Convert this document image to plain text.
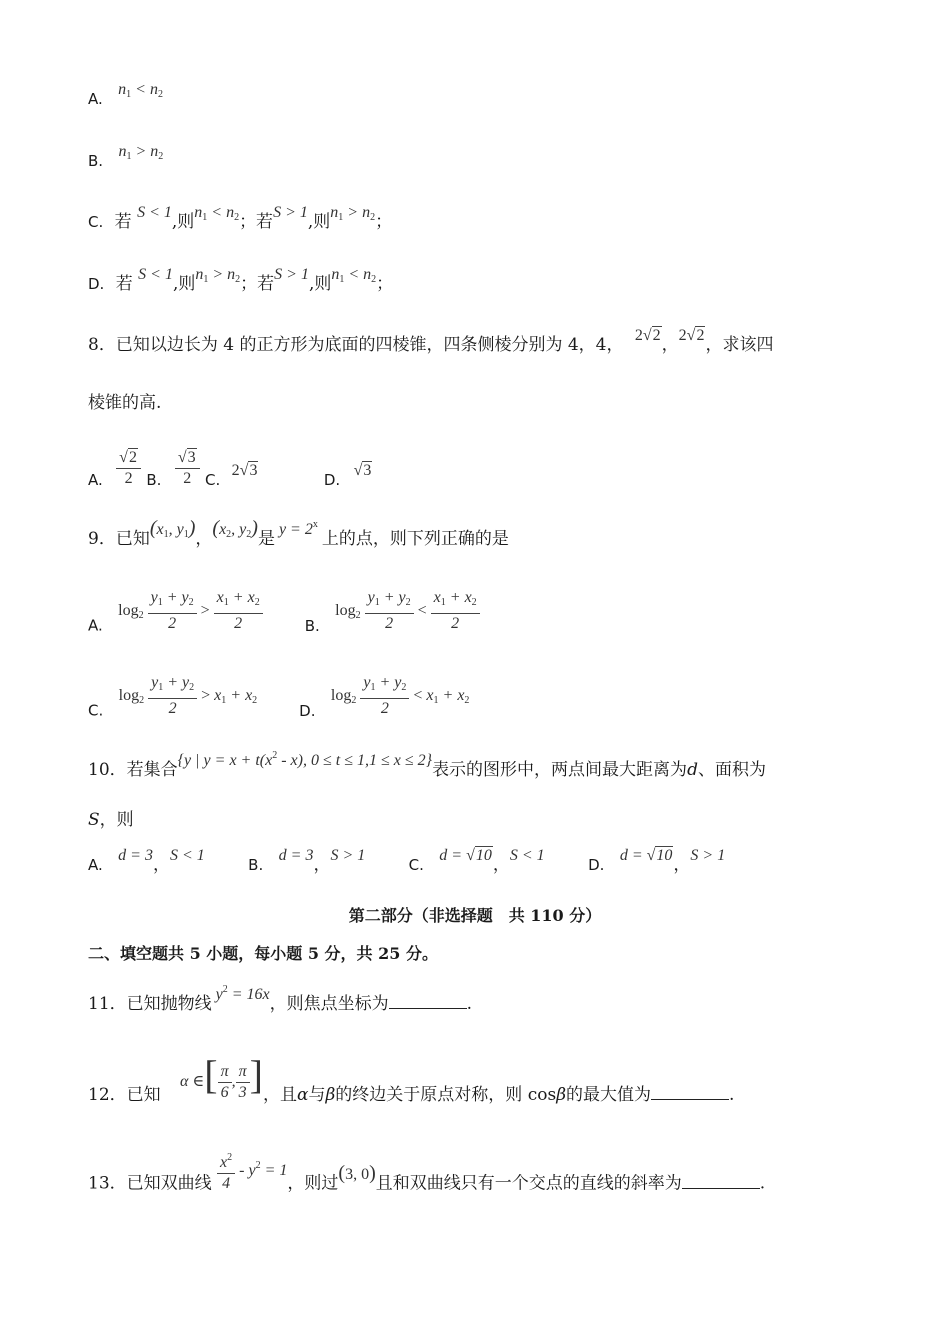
A. $n_1 < n_2$
B. $n_1 > n_2$
C. 若 S < 1,则$n_1 < n_2$；若S > 1,则$n_1 > n_2$；
D. 若 S < 1,则$n_1 > n_2$；若S > 1,则$n_1 < n_2$；
8．已知以边长为 4 的正方形为底面的四棱锥，四条侧棱分别为 4，4， 2√2，2√2，求该四
棱锥的高.
A. $\frac{√2}{2} B$. $\frac{√3}{2} C$. 2√3 D. √3
9．已知($x_1$, $y_1$)，($x_2$, $y_2$)是 $y = 2^x$ 上的点，则下列正确的是
A. $\log_2 \frac{y_1 + y_2}{2} > \frac{x_1 + x_2}{2}$	B. $\log_2 \frac{y_1 + y_2}{2} < \frac{x_1 + x_2}{2}$
C. $\log_2 \frac{y_1 + y_2}{2} > x_1 + x_2$ D. $\log_2 \frac{y_1 + y_2}{2} < x_1 + x_2$
10．若集合{y | $y = x + t(x^2 - x)$, 0 ≤ t ≤ 1,1 ≤ x ≤ 2}表示的图形中，两点间最大距离为d、面积为
S，则
A. d = 3，S < 1 B. d = 3，S > 1 C. d = √10，S < 1 D. d = √10，S > 1
第二部分（非选择题　共 110 分）
二、填空题共 5 小题，每小题 5 分，共 25 分。
11．已知抛物线 $y^2 = 16x$，则焦点坐标为	.
12．已知 α ∈[ $\frac{\pi}{6}$ , $\frac{\pi}{3}$ ]，且α与β的终边关于原点对称，则 cosβ的最大值为	.
13．已知双曲线 $\frac{x^2}{4} - y^2 = 1$，则过(3, 0)且和双曲线只有一个交点的直线的斜率为	.
